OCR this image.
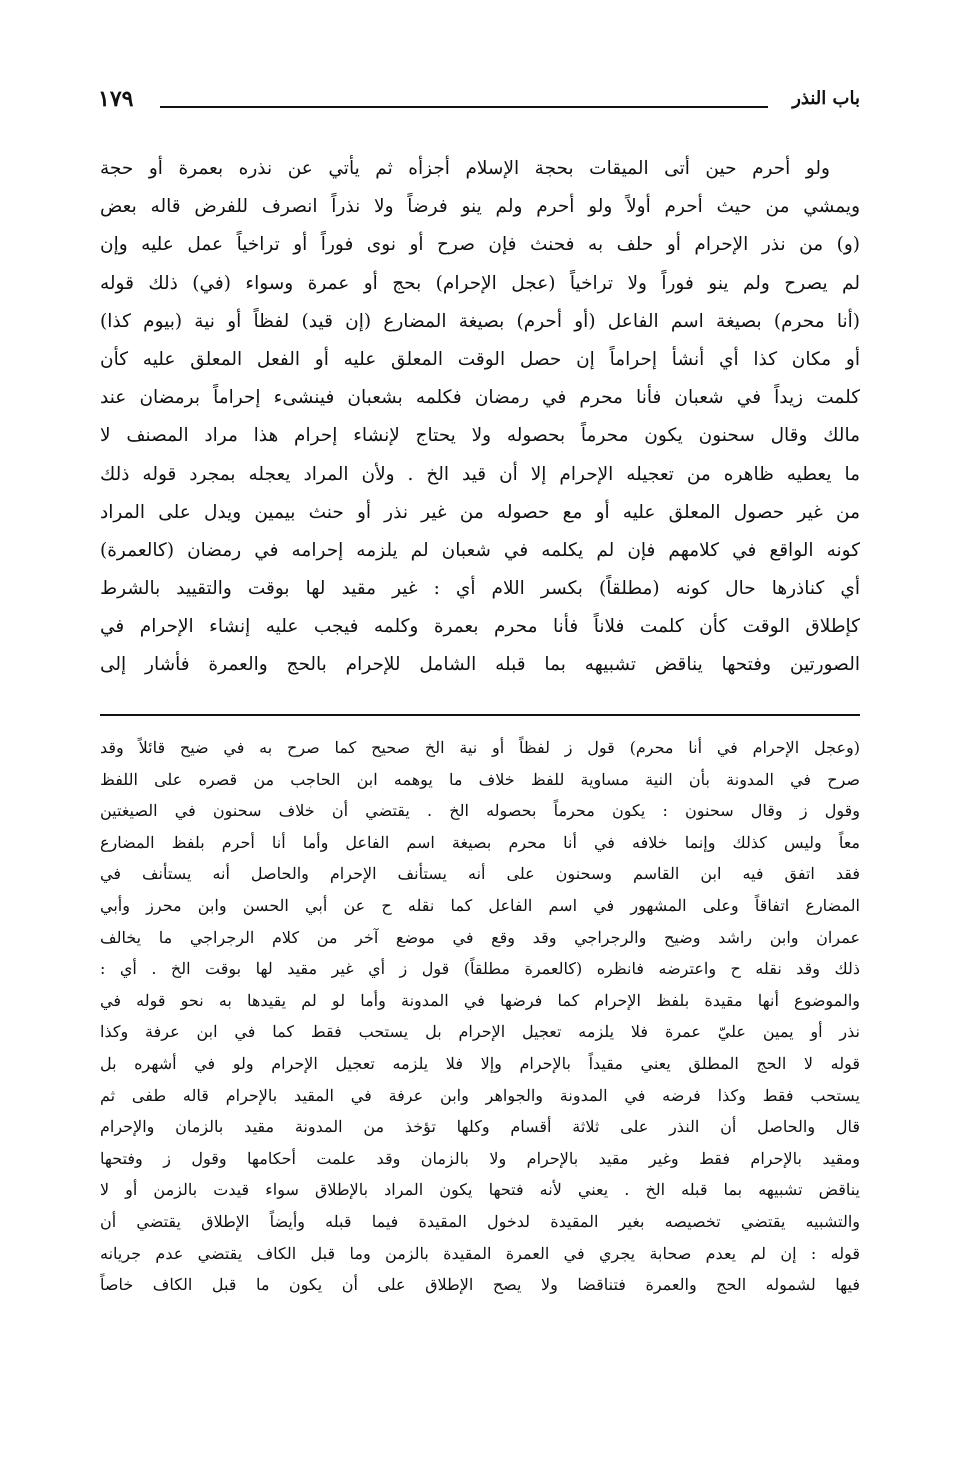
باب النذر
١٧٩
ولو أحرم حين أتى الميقات بحجة الإسلام أجزأه ثم يأتي عن نذره بعمرة أو حجة
ويمشي من حيث أحرم أولاً ولو أحرم ولم ينو فرضاً ولا نذراً انصرف للفرض قاله بعض
(و) من نذر الإحرام أو حلف به فحنث فإن صرح أو نوى فوراً أو تراخياً عمل عليه وإن
لم يصرح ولم ينو فوراً ولا تراخياً (عجل الإحرام) بحج أو عمرة وسواء (في) ذلك قوله
(أنا محرم) بصيغة اسم الفاعل (أو أحرم) بصيغة المضارع (إن قيد) لفظاً أو نية (بيوم كذا)
أو مكان كذا أي أنشأ إحراماً إن حصل الوقت المعلق عليه أو الفعل المعلق عليه كأن
كلمت زيداً في شعبان فأنا محرم في رمضان فكلمه بشعبان فينشىء إحراماً برمضان عند
مالك وقال سحنون يكون محرماً بحصوله ولا يحتاج لإنشاء إحرام هذا مراد المصنف لا
ما يعطيه ظاهره من تعجيله الإحرام إلا أن قيد الخ . ولأن المراد يعجله بمجرد قوله ذلك
من غير حصول المعلق عليه أو مع حصوله من غير نذر أو حنث بيمين ويدل على المراد
كونه الواقع في كلامهم فإن لم يكلمه في شعبان لم يلزمه إحرامه في رمضان (كالعمرة)
أي كناذرها حال كونه (مطلقاً) بكسر اللام أي : غير مقيد لها بوقت والتقييد بالشرط
كإطلاق الوقت كأن كلمت فلاناً فأنا محرم بعمرة وكلمه فيجب عليه إنشاء الإحرام في
الصورتين وفتحها يناقض تشبيهه بما قبله الشامل للإحرام بالحج والعمرة فأشار إلى
(وعجل الإحرام في أنا محرم) قول ز لفظاً أو نية الخ صحيح كما صرح به في ضيح قائلاً وقد
صرح في المدونة بأن النية مساوية للفظ خلاف ما يوهمه ابن الحاجب من قصره على اللفظ
وقول ز وقال سحنون : يكون محرماً بحصوله الخ . يقتضي أن خلاف سحنون في الصيغتين
معاً وليس كذلك وإنما خلافه في أنا محرم بصيغة اسم الفاعل وأما أنا أحرم بلفظ المضارع
فقد اتفق فيه ابن القاسم وسحنون على أنه يستأنف الإحرام والحاصل أنه يستأنف في
المضارع اتفاقاً وعلى المشهور في اسم الفاعل كما نقله ح عن أبي الحسن وابن محرز وأبي
عمران وابن راشد وضيح والرجراجي وقد وقع في موضع آخر من كلام الرجراجي ما يخالف
ذلك وقد نقله ح واعترضه فانظره (كالعمرة مطلقاً) قول ز أي غير مقيد لها بوقت الخ . أي :
والموضوع أنها مقيدة بلفظ الإحرام كما فرضها في المدونة وأما لو لم يقيدها به نحو قوله في
نذر أو يمين عليّ عمرة فلا يلزمه تعجيل الإحرام بل يستحب فقط كما في ابن عرفة وكذا
قوله لا الحج المطلق يعني مقيداً بالإحرام وإلا فلا يلزمه تعجيل الإحرام ولو في أشهره بل
يستحب فقط وكذا فرضه في المدونة والجواهر وابن عرفة في المقيد بالإحرام قاله طفى ثم
قال والحاصل أن النذر على ثلاثة أقسام وكلها تؤخذ من المدونة مقيد بالزمان والإحرام
ومقيد بالإحرام فقط وغير مقيد بالإحرام ولا بالزمان وقد علمت أحكامها وقول ز وفتحها
يناقض تشبيهه بما قبله الخ . يعني لأنه فتحها يكون المراد بالإطلاق سواء قيدت بالزمن أو لا
والتشبيه يقتضي تخصيصه بغير المقيدة لدخول المقيدة فيما قبله وأيضاً الإطلاق يقتضي أن
قوله : إن لم يعدم صحابة يجري في العمرة المقيدة بالزمن وما قبل الكاف يقتضي عدم جريانه
فيها لشموله الحج والعمرة فتناقضا ولا يصح الإطلاق على أن يكون ما قبل الكاف خاصاً
